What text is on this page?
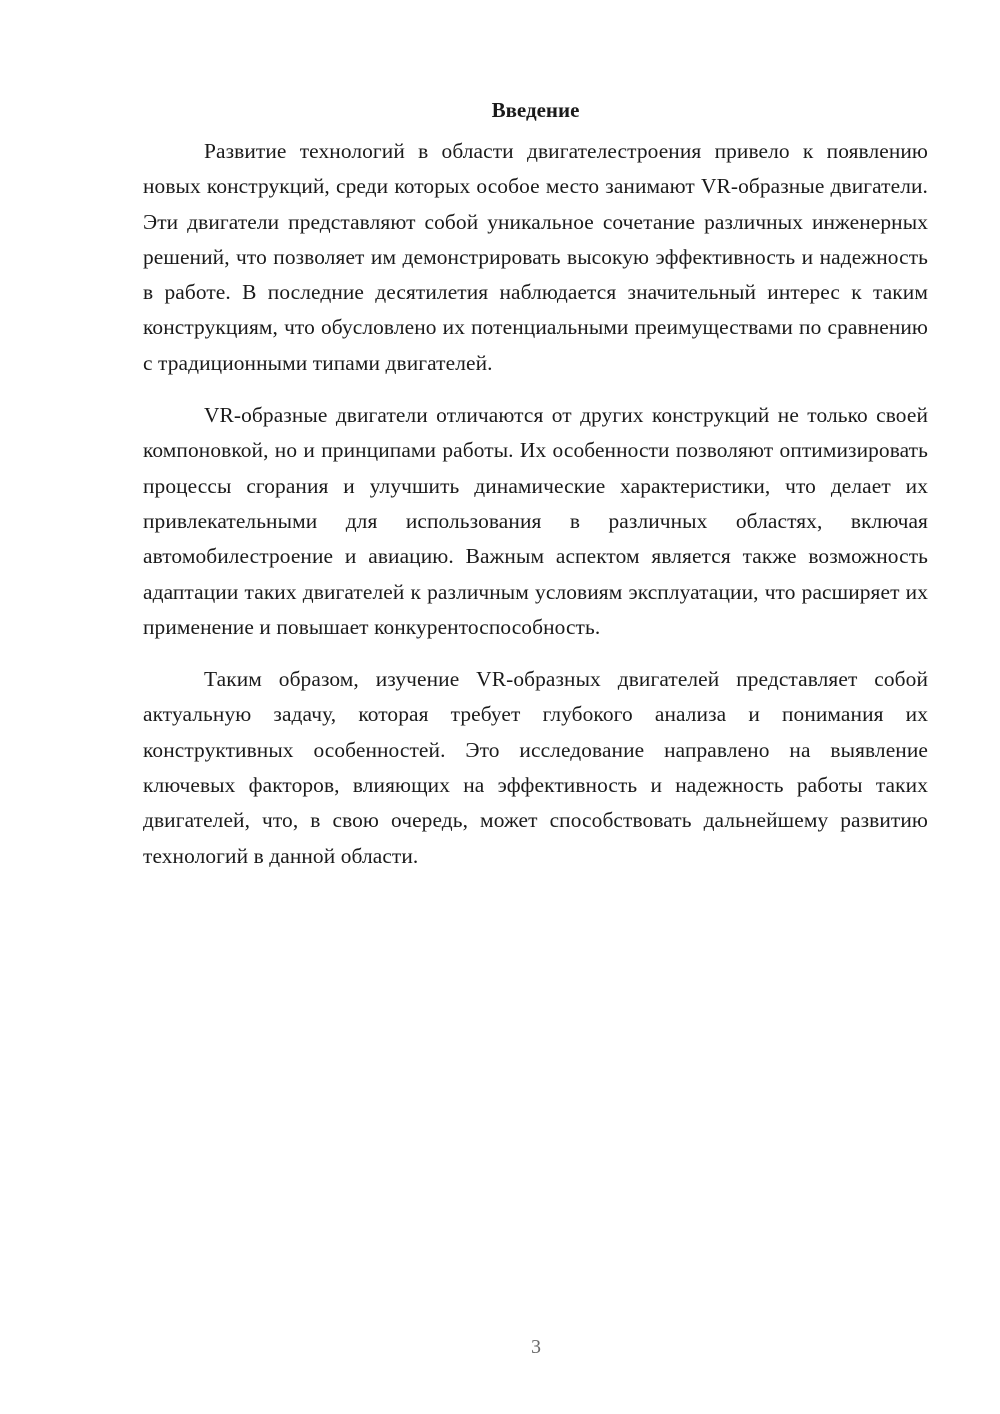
Введение

Развитие технологий в области двигателестроения привело к появлению новых конструкций, среди которых особое место занимают VR-образные двигатели. Эти двигатели представляют собой уникальное сочетание различных инженерных решений, что позволяет им демонстрировать высокую эффективность и надежность в работе. В последние десятилетия наблюдается значительный интерес к таким конструкциям, что обусловлено их потенциальными преимуществами по сравнению с традиционными типами двигателей.

VR-образные двигатели отличаются от других конструкций не только своей компоновкой, но и принципами работы. Их особенности позволяют оптимизировать процессы сгорания и улучшить динамические характеристики, что делает их привлекательными для использования в различных областях, включая автомобилестроение и авиацию. Важным аспектом является также возможность адаптации таких двигателей к различным условиям эксплуатации, что расширяет их применение и повышает конкурентоспособность.

Таким образом, изучение VR-образных двигателей представляет собой актуальную задачу, которая требует глубокого анализа и понимания их конструктивных особенностей. Это исследование направлено на выявление ключевых факторов, влияющих на эффективность и надежность работы таких двигателей, что, в свою очередь, может способствовать дальнейшему развитию технологий в данной области.

3
